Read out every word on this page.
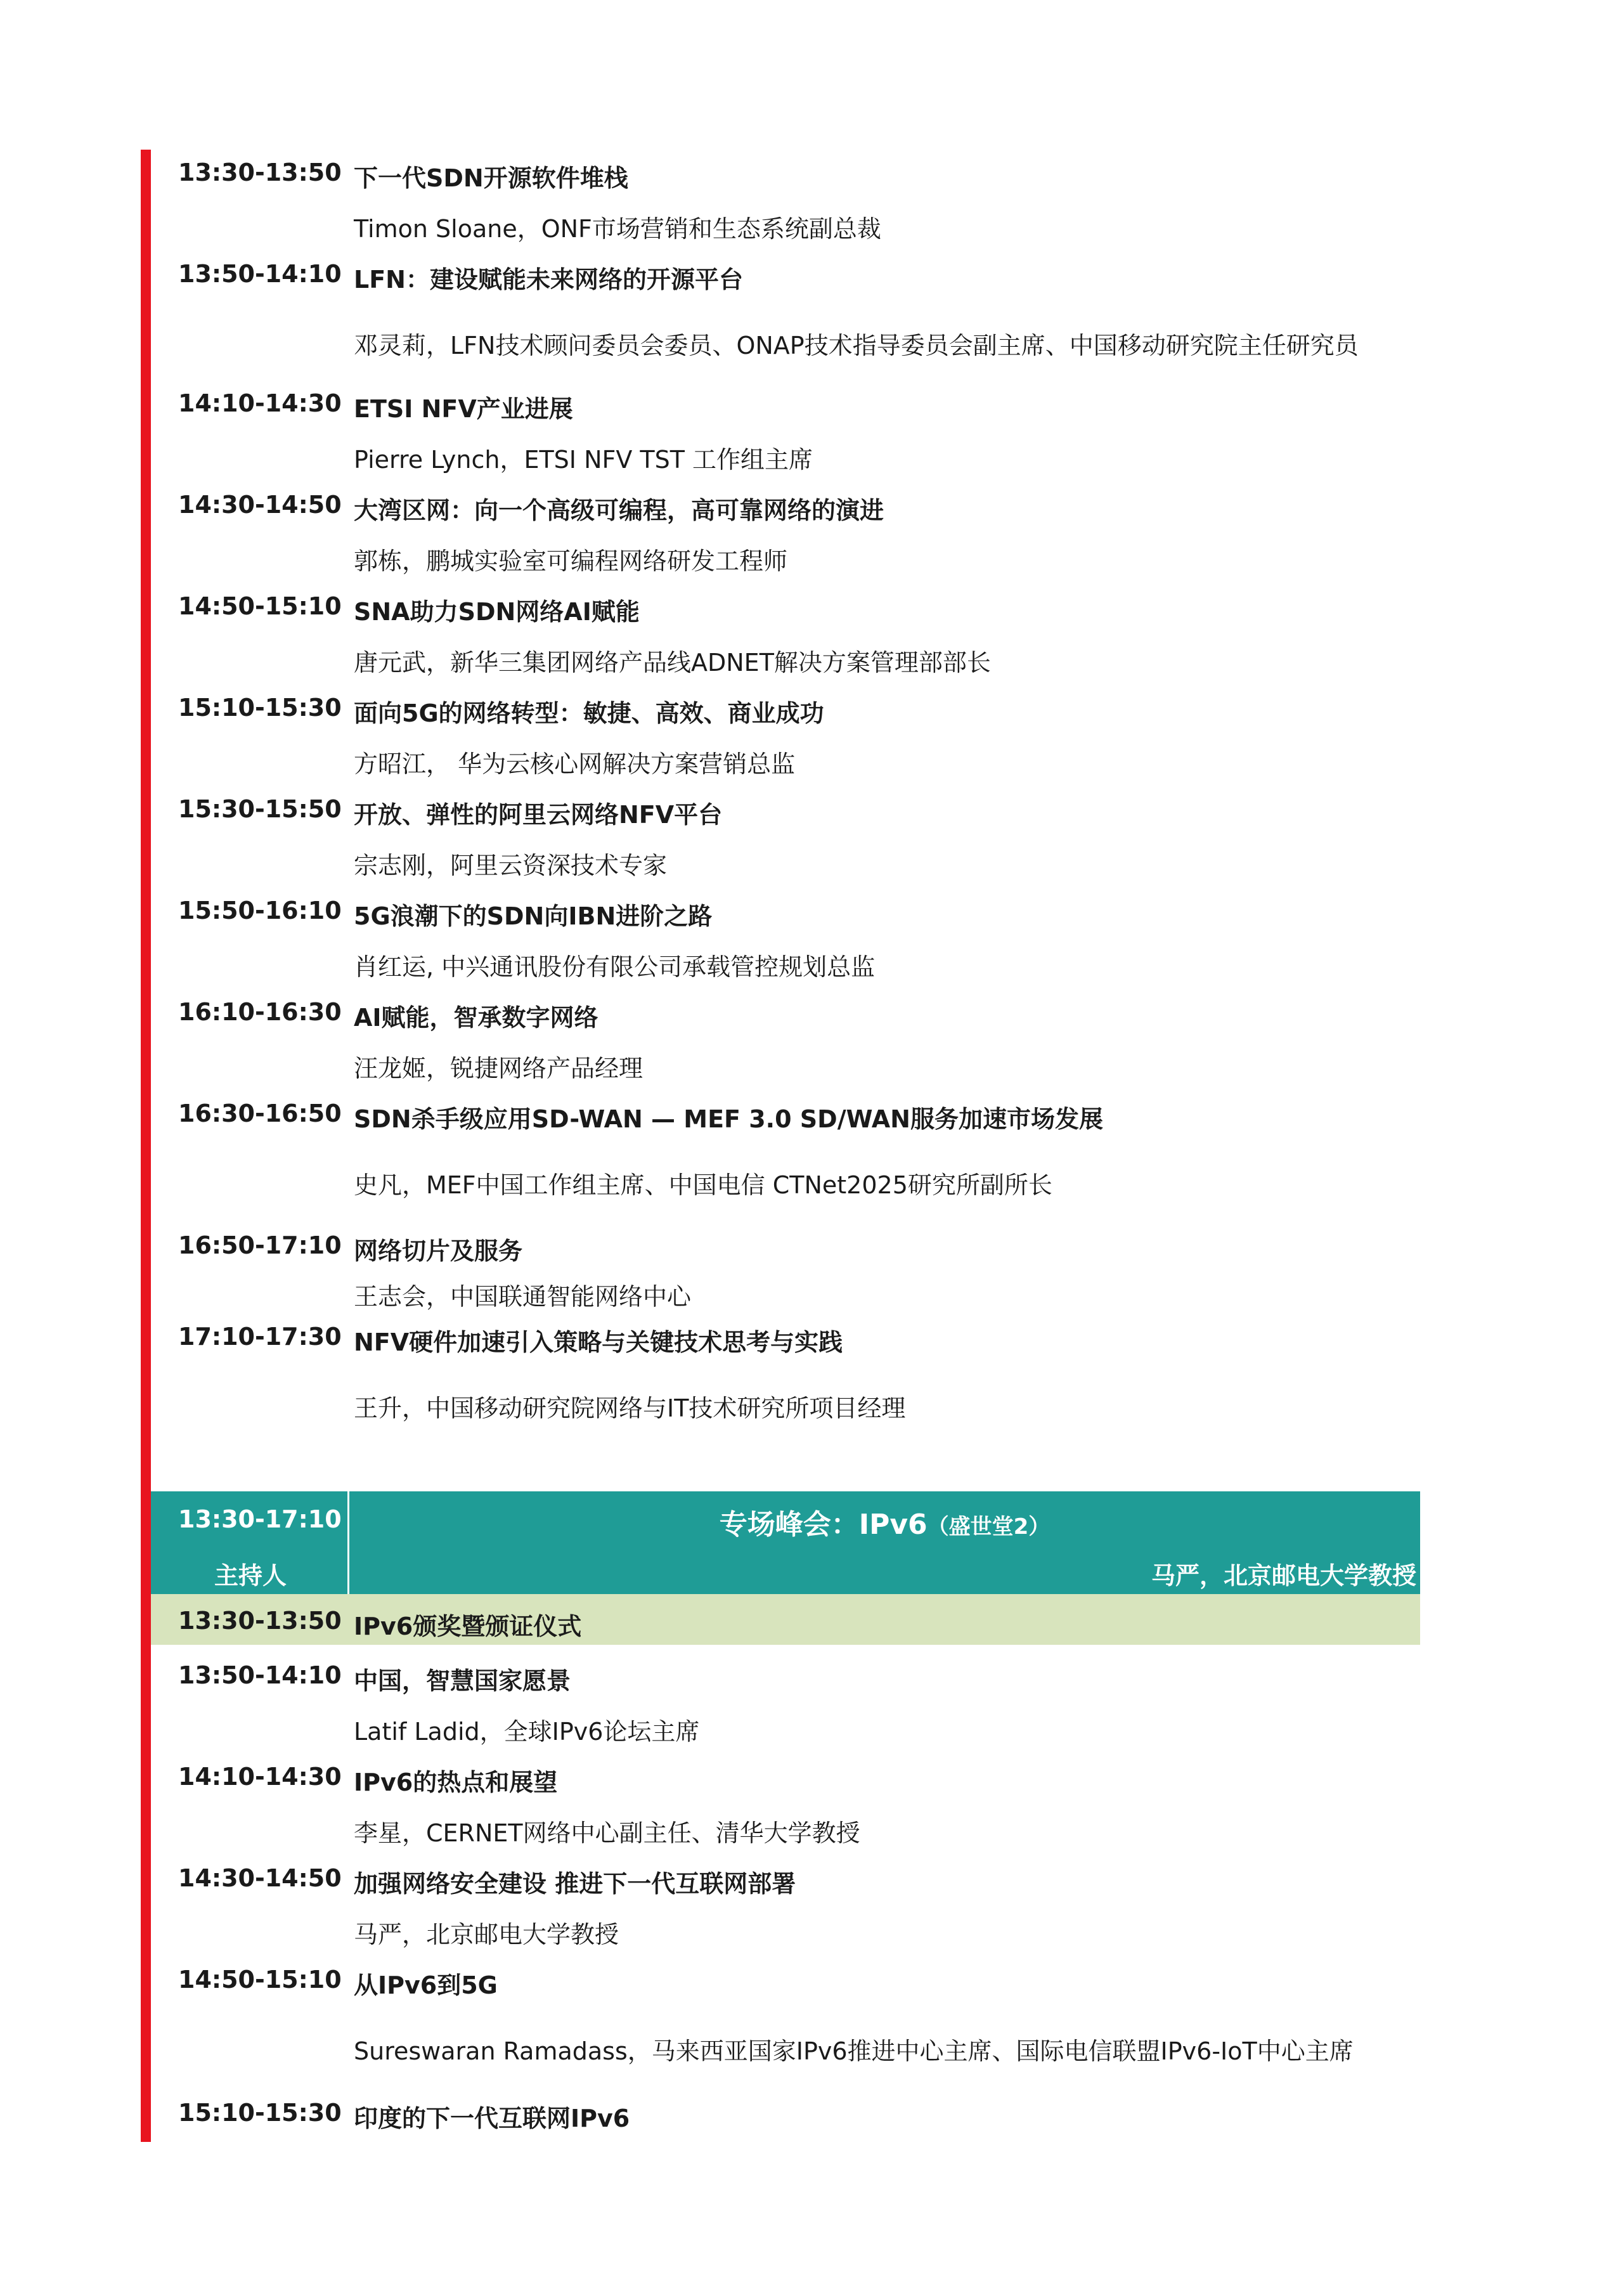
13:30-13:50 下一代SDN开源软件堆栈
Timon Sloane，ONF市场营销和生态系统副总裁
13:50-14:10 LFN：建设赋能未来网络的开源平台
邓灵莉，LFN技术顾问委员会委员、ONAP技术指导委员会副主席、中国移动研究院主任研究员
14:10-14:30 ETSI NFV产业进展
Pierre Lynch，ETSI NFV TST 工作组主席
14:30-14:50 大湾区网：向一个高级可编程，高可靠网络的演进
郭栋，鹏城实验室可编程网络研发工程师
14:50-15:10 SNA助力SDN网络AI赋能
唐元武，新华三集团网络产品线ADNET解决方案管理部部长
15:10-15:30 面向5G的网络转型：敏捷、高效、商业成功
方昭江， 华为云核心网解决方案营销总监
15:30-15:50 开放、弹性的阿里云网络NFV平台
宗志刚，阿里云资深技术专家
15:50-16:10 5G浪潮下的SDN向IBN进阶之路
肖红运, 中兴通讯股份有限公司承载管控规划总监
16:10-16:30 AI赋能，智承数字网络
汪龙姬，锐捷网络产品经理
16:30-16:50 SDN杀手级应用SD-WAN — MEF 3.0 SD/WAN服务加速市场发展
史凡，MEF中国工作组主席、中国电信 CTNet2025研究所副所长
16:50-17:10 网络切片及服务
王志会，中国联通智能网络中心
17:10-17:30 NFV硬件加速引入策略与关键技术思考与实践
王升，中国移动研究院网络与IT技术研究所项目经理
13:30-17:10	专场峰会：IPv6（盛世堂2）
主持人	马严，北京邮电大学教授
13:30-13:50 IPv6颁奖暨颁证仪式
13:50-14:10 中国，智慧国家愿景
Latif Ladid，全球IPv6论坛主席
14:10-14:30 IPv6的热点和展望
李星，CERNET网络中心副主任、清华大学教授
14:30-14:50 加强网络安全建设 推进下一代互联网部署
马严，北京邮电大学教授
14:50-15:10 从IPv6到5G
Sureswaran Ramadass，马来西亚国家IPv6推进中心主席、国际电信联盟IPv6-IoT中心主席
15:10-15:30 印度的下一代互联网IPv6
